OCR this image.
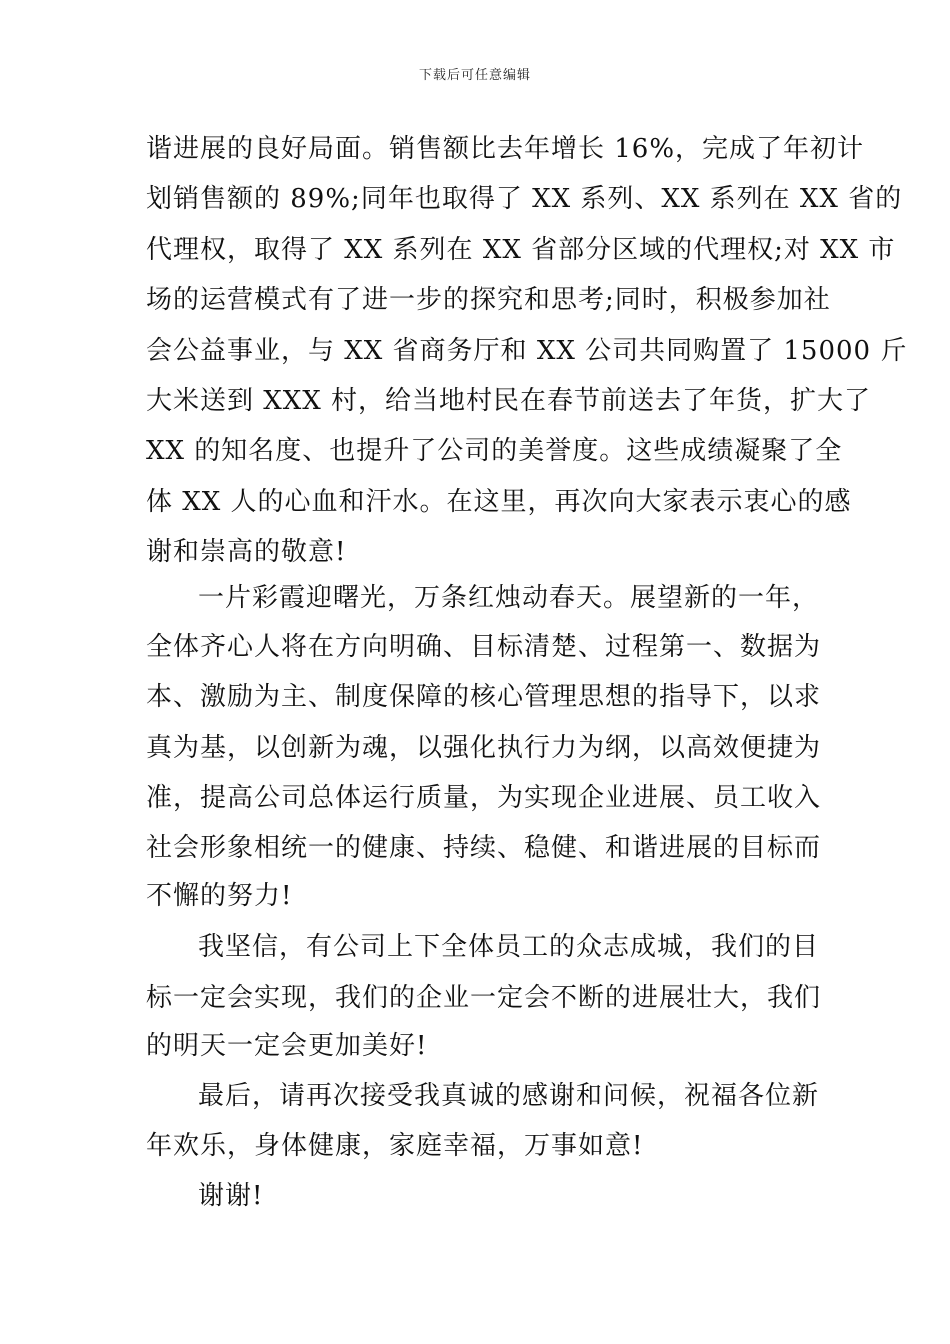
下载后可任意编辑
谐进展的良好局面。销售额比去年增长 16%，完成了年初计
划销售额的 89%;同年也取得了 XX 系列、XX 系列在 XX 省的
代理权，取得了 XX 系列在 XX 省部分区域的代理权;对 XX 市
场的运营模式有了进一步的探究和思考;同时，积极参加社
会公益事业，与 XX 省商务厅和 XX 公司共同购置了 15000 斤
大米送到 XXX 村，给当地村民在春节前送去了年货，扩大了
XX 的知名度、也提升了公司的美誉度。这些成绩凝聚了全
体 XX 人的心血和汗水。在这里，再次向大家表示衷心的感
谢和崇高的敬意!
一片彩霞迎曙光，万条红烛动春天。展望新的一年，
全体齐心人将在方向明确、目标清楚、过程第一、数据为
本、激励为主、制度保障的核心管理思想的指导下，以求
真为基，以创新为魂，以强化执行力为纲，以高效便捷为
准，提高公司总体运行质量，为实现企业进展、员工收入
社会形象相统一的健康、持续、稳健、和谐进展的目标而
不懈的努力!
我坚信，有公司上下全体员工的众志成城，我们的目
标一定会实现，我们的企业一定会不断的进展壮大，我们
的明天一定会更加美好!
最后，请再次接受我真诚的感谢和问候，祝福各位新
年欢乐，身体健康，家庭幸福，万事如意!
谢谢!
